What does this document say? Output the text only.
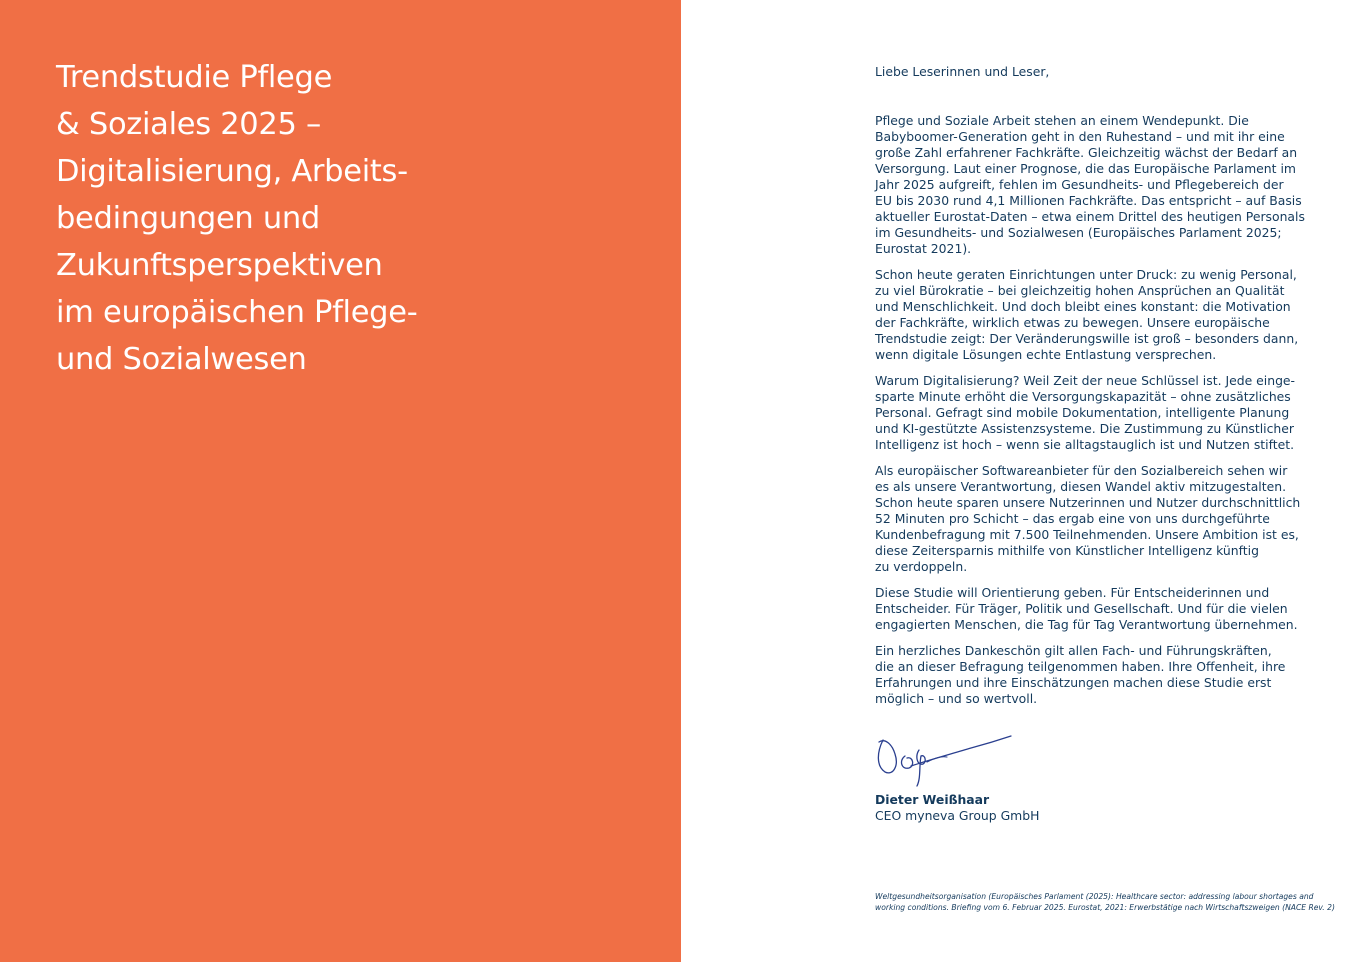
Trendstudie Pflege
& Soziales 2025 –
Digitalisierung, Arbeits-
bedingungen und
Zukunftsperspektiven
im europäischen Pflege-
und Sozialwesen

Liebe Leserinnen und Leser,

Pflege und Soziale Arbeit stehen an einem Wendepunkt. Die
Babyboomer-Generation geht in den Ruhestand – und mit ihr eine
große Zahl erfahrener Fachkräfte. Gleichzeitig wächst der Bedarf an
Versorgung. Laut einer Prognose, die das Europäische Parlament im
Jahr 2025 aufgreift, fehlen im Gesundheits- und Pflegebereich der
EU bis 2030 rund 4,1 Millionen Fachkräfte. Das entspricht – auf Basis
aktueller Eurostat-Daten – etwa einem Drittel des heutigen Personals
im Gesundheits- und Sozialwesen (Europäisches Parlament 2025;
Eurostat 2021).

Schon heute geraten Einrichtungen unter Druck: zu wenig Personal,
zu viel Bürokratie – bei gleichzeitig hohen Ansprüchen an Qualität
und Menschlichkeit. Und doch bleibt eines konstant: die Motivation
der Fachkräfte, wirklich etwas zu bewegen. Unsere europäische
Trendstudie zeigt: Der Veränderungswille ist groß – besonders dann,
wenn digitale Lösungen echte Entlastung versprechen.

Warum Digitalisierung? Weil Zeit der neue Schlüssel ist. Jede einge-
sparte Minute erhöht die Versorgungskapazität – ohne zusätzliches
Personal. Gefragt sind mobile Dokumentation, intelligente Planung
und KI-gestützte Assistenzsysteme. Die Zustimmung zu Künstlicher
Intelligenz ist hoch – wenn sie alltagstauglich ist und Nutzen stiftet.

Als europäischer Softwareanbieter für den Sozialbereich sehen wir
es als unsere Verantwortung, diesen Wandel aktiv mitzugestalten.
Schon heute sparen unsere Nutzerinnen und Nutzer durchschnittlich
52 Minuten pro Schicht – das ergab eine von uns durchgeführte
Kundenbefragung mit 7.500 Teilnehmenden. Unsere Ambition ist es,
diese Zeitersparnis mithilfe von Künstlicher Intelligenz künftig
zu verdoppeln.

Diese Studie will Orientierung geben. Für Entscheiderinnen und
Entscheider. Für Träger, Politik und Gesellschaft. Und für die vielen
engagierten Menschen, die Tag für Tag Verantwortung übernehmen.

Ein herzliches Dankeschön gilt allen Fach- und Führungskräften,
die an dieser Befragung teilgenommen haben. Ihre Offenheit, ihre
Erfahrungen und ihre Einschätzungen machen diese Studie erst
möglich – und so wertvoll.

Dieter Weißhaar
CEO myneva Group GmbH
Weltgesundheitsorganisation (Europäisches Parlament (2025): Healthcare sector: addressing labour shortages and
working conditions. Briefing vom 6. Februar 2025. Eurostat, 2021: Erwerbstätige nach Wirtschaftszweigen (NACE Rev. 2)
